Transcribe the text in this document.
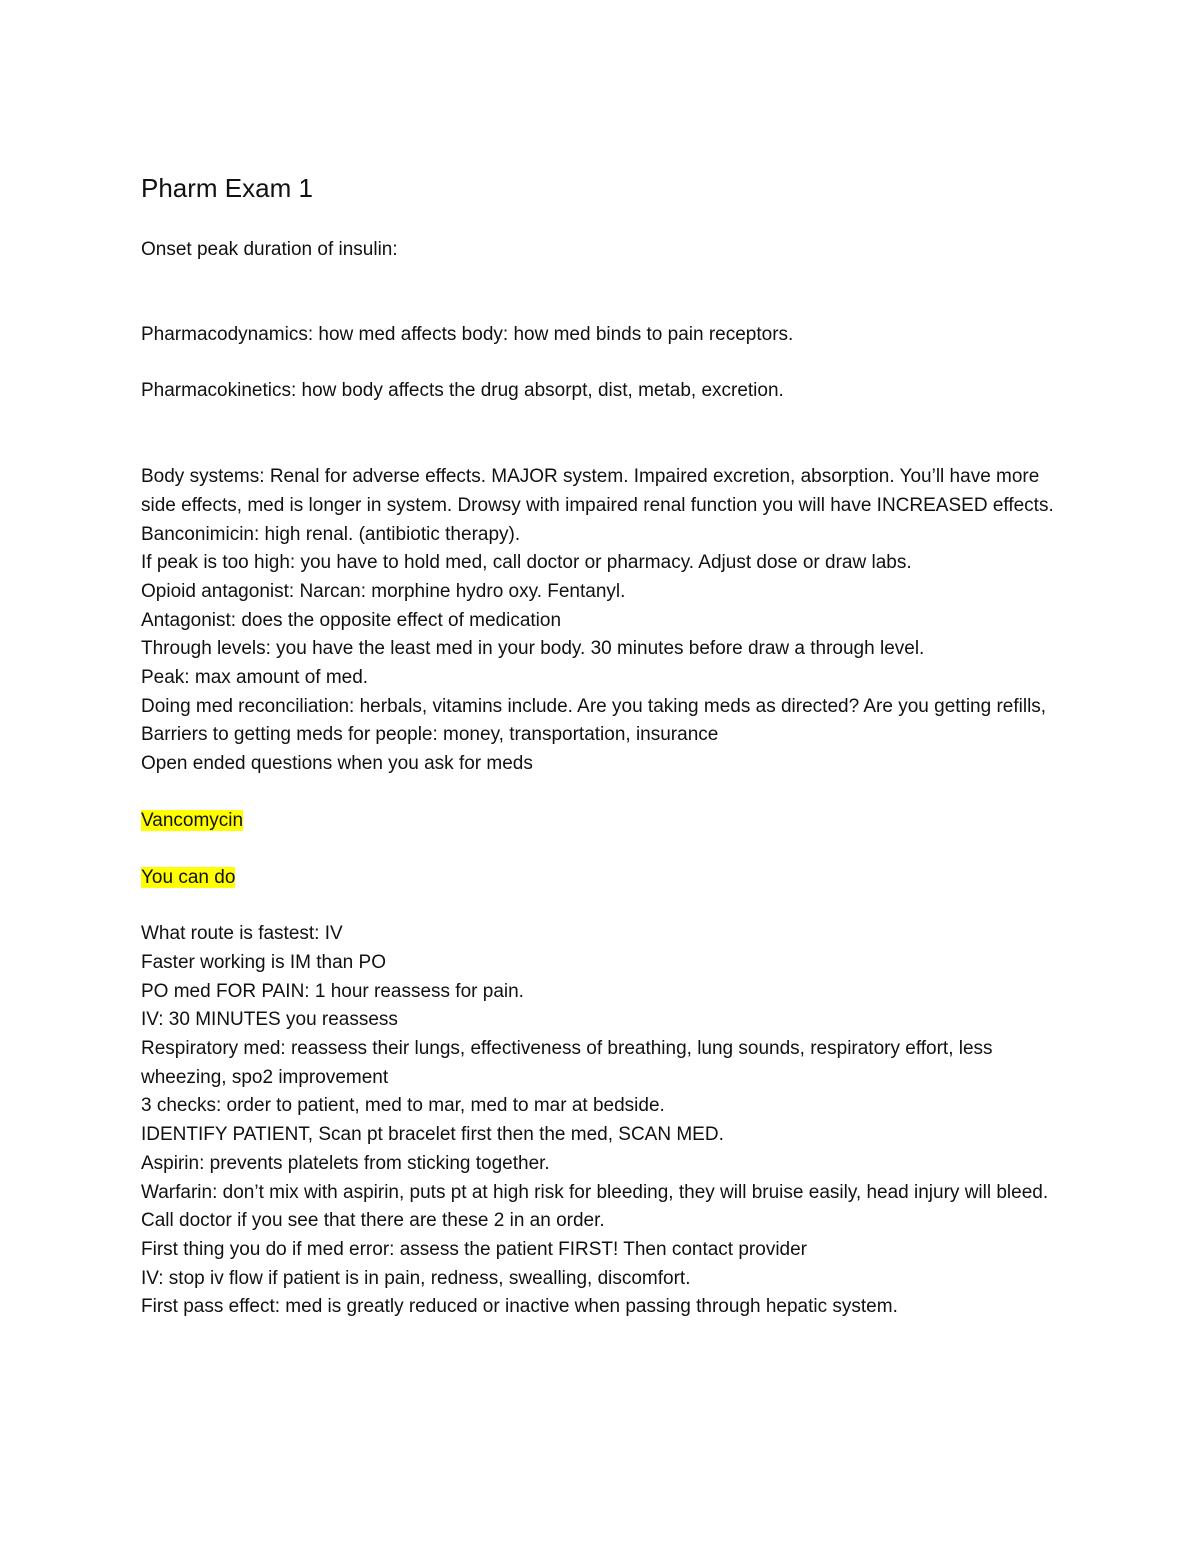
Pharm Exam 1

Onset peak duration of insulin:

Pharmacodynamics: how med affects body: how med binds to pain receptors.

Pharmacokinetics: how body affects the drug absorpt, dist, metab, excretion.

Body systems: Renal for adverse effects. MAJOR system. Impaired excretion, absorption. You’ll have more side effects, med is longer in system. Drowsy with impaired renal function you will have INCREASED effects.

Banconimicin: high renal. (antibiotic therapy).

If peak is too high: you have to hold med, call doctor or pharmacy. Adjust dose or draw labs.

Opioid antagonist: Narcan: morphine hydro oxy. Fentanyl.

Antagonist: does the opposite effect of medication

Through levels: you have the least med in your body. 30 minutes before draw a through level.

Peak: max amount of med.

Doing med reconciliation: herbals, vitamins include. Are you taking meds as directed? Are you getting refills,

Barriers to getting meds for people: money, transportation, insurance

Open ended questions when you ask for meds

Vancomycin

You can do

What route is fastest: IV

Faster working is IM than PO

PO med FOR PAIN: 1 hour reassess for pain.

IV: 30 MINUTES you reassess

Respiratory med: reassess their lungs, effectiveness of breathing, lung sounds, respiratory effort, less wheezing, spo2 improvement

3 checks: order to patient, med to mar, med to mar at bedside.

IDENTIFY PATIENT, Scan pt bracelet first then the med, SCAN MED.

Aspirin: prevents platelets from sticking together.

Warfarin: don’t mix with aspirin, puts pt at high risk for bleeding, they will bruise easily, head injury will bleed.

Call doctor if you see that there are these 2 in an order.

First thing you do if med error: assess the patient FIRST! Then contact provider

IV: stop iv flow if patient is in pain, redness, swealling, discomfort.

First pass effect: med is greatly reduced or inactive when passing through hepatic system.
